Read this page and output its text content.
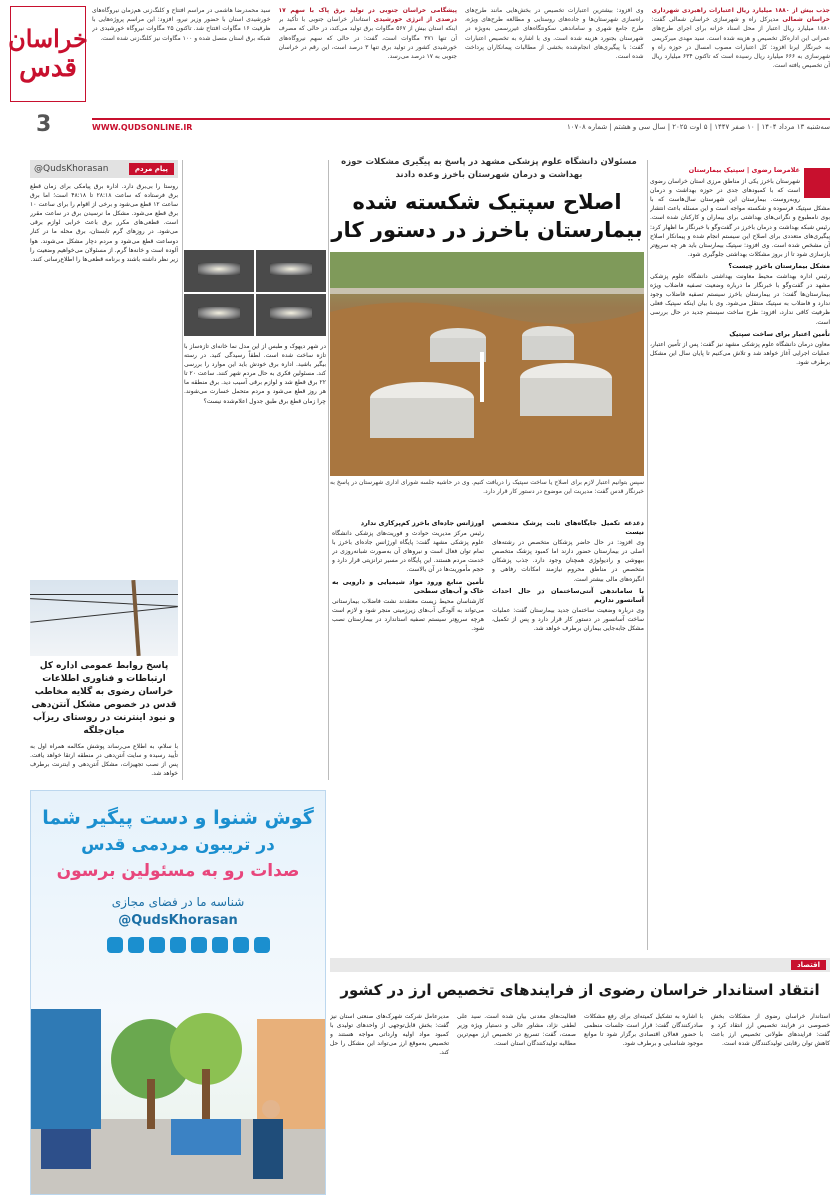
جذب بیش از ۱۸۸۰ میلیارد ریال اعتبارات راهبردی شهرداری خراسان شمالی مدیرکل راه و شهرسازی خراسان شمالی گفت: ۱۸۸۰ میلیارد ریال اعتبار از محل اسناد خزانه برای اجرای طرح‌های عمرانی این اداره‌کل تخصیص و هزینه شده است. سید مهدی میرکریمی به خبرنگار ایرنا افزود: کل اعتبارات مصوب امسال در حوزه راه و شهرسازی به ۶۶۶ میلیارد ریال رسیده است که تاکنون ۶۳۴ میلیارد ریال آن تخصیص یافته است.
وی افزود: بیشترین اعتبارات تخصیص در بخش‌هایی مانند طرح‌های راه‌سازی شهرستان‌ها و جاده‌های روستایی و مطالعه طرح‌های ویژه، طرح جامع شهری و ساماندهی سکونتگاه‌های غیررسمی به‌ویژه در شهرستان بجنورد هزینه شده است. وی با اشاره به تخصیص اعتبارات گفت: با پیگیری‌های انجام‌شده بخشی از مطالبات پیمانکاران پرداخت شده است.
پیشگامی خراسان جنوبی در تولید برق پاک با سهم ۱۷ درصدی از انرژی خورشیدی استاندار خراسان جنوبی با تأکید بر اینکه استان بیش از ۵۶۷ مگاوات برق تولید می‌کند، در حالی که مصرف آن تنها ۳۷۱ مگاوات است، گفت: در حالی که سهم نیروگاه‌های خورشیدی کشور در تولید برق تنها ۳ درصد است، این رقم در خراسان جنوبی به ۱۷ درصد می‌رسد.
سید محمدرضا هاشمی در مراسم افتتاح و کلنگ‌زنی هم‌زمان نیروگاه‌های خورشیدی استان با حضور وزیر نیرو، افزود: این مراسم پروژه‌هایی با ظرفیت ۱۶ مگاوات افتتاح شد. تاکنون ۲۵ مگاوات نیروگاه خورشیدی در شبکه برق استان متصل شده و ۱۰۰ مگاوات نیز کلنگ‌زنی شده است.
خراسان
قدس
3	سه‌شنبه ۱۳ مرداد ۱۴۰۴ | ۱۰ صفر ۱۴۴۷ | ۵ اوت ۲۰۲۵ | سال سی و هشتم | شماره ۱۰۷۰۸
WWW.QUDSONLINE.IR
پیام مردم
@QudsKhorasan
روستا را بی‌برق دارد. اداره برق پیامکی برای زمان قطع برق فرستاده که ساعت ۲۸:۱۸ تا ۴۸:۱۸ است؛ اما برق ساعت ۱۲ قطع می‌شود و برخی از اقوام را برای ساعت ۱۰ برق قطع می‌شود. مشکل ما نرسیدن برق در ساعت مقرر است. قطعی‌های مکرر برق باعث خرابی لوازم برقی می‌شود. در روزهای گرم تابستان، برق محله ما در کنار دوساعت قطع می‌شود و مردم دچار مشکل می‌شوند. هوا آلوده است و خانه‌ها گرم. از مسئولان می‌خواهیم وضعیت را زیر نظر داشته باشند و برنامه قطعی‌ها را اطلاع‌رسانی کنند.
در شهر دیهوک و طبس از این مدل نما خانه‌ای تازه‌ساز با تازه ساخت شده است. لطفاً رسیدگی کنید. در رسته بیگیر باشید. اداره برق خودش باید این موارد را بررسی کند. مسئولین فکری به حال مردم شهر کنند. ساعت ۲۰ تا ۲۲ برق قطع شد و لوازم برقی آسیب دید. برق منطقه ما هر روز قطع می‌شود و مردم متحمل خسارت می‌شوند. چرا زمان قطع برق طبق جدول اعلام‌شده نیست؟
پاسخ روابط عمومی اداره کل ارتباطات و فناوری اطلاعات خراسان رضوی به گلایه مخاطب قدس در خصوص مشکل آنتن‌دهی و نبود اینترنت در روستای ریزآب میان‌جلگه
با سلام، به اطلاع می‌رساند پوشش مکالمه همراه اول به تأیید رسیده و سایت آنتن‌دهی در منطقه ارتقا خواهد یافت. پس از نصب تجهیزات، مشکل آنتن‌دهی و اینترنت برطرف خواهد شد.
گوش شنوا و دست پیگیر شما
در تریبون مردمی قدس
صدات رو به مسئولین برسون
شناسه ما در فضای مجازی
@QudsKhorasan
مسئولان دانشگاه علوم پزشکی مشهد در پاسخ به پیگیری مشکلات حوزه بهداشت و درمان شهرستان باخرز وعده دادند
اصلاح سپتیک شکسته شده بیمارستان باخرز در دستور کار
سپس بتوانیم اعتبار لازم برای اصلاح یا ساخت سپتیک را دریافت کنیم. وی در حاشیه جلسه شورای اداری شهرستان در پاسخ به خبرنگار قدس گفت: مدیریت این موضوع در دستور کار قرار دارد.
غلامرضا رضوی | سپتیک بیمارستان
شهرستان باخرز یکی از مناطق مرزی استان خراسان رضوی است که با کمبودهای جدی در حوزه بهداشت و درمان روبه‌روست. بیمارستان این شهرستان سال‌هاست که با مشکل سپتیک فرسوده و شکسته مواجه است و این مسئله باعث انتشار بوی نامطبوع و نگرانی‌های بهداشتی برای بیماران و کارکنان شده است. رئیس شبکه بهداشت و درمان باخرز در گفت‌وگو با خبرنگار ما اظهار کرد: پیگیری‌های متعددی برای اصلاح این سیستم انجام شده و پیمانکار اصلاح آن مشخص شده است. وی افزود: سپتیک بیمارستان باید هر چه سریع‌تر بازسازی شود تا از بروز مشکلات بهداشتی جلوگیری شود.
مشکل بیمارستان باخرز چیست؟
رئیس اداره بهداشت محیط معاونت بهداشتی دانشگاه علوم پزشکی مشهد در گفت‌وگو با خبرنگار ما درباره وضعیت تصفیه فاضلاب ویژه بیمارستان‌ها گفت: در بیمارستان باخرز سیستم تصفیه فاضلاب وجود ندارد و فاضلاب به سپتیک منتقل می‌شود. وی با بیان اینکه سپتیک فعلی ظرفیت کافی ندارد، افزود: طرح ساخت سیستم جدید در حال بررسی است.
تأمین اعتبار برای ساخت سپتیک
معاون درمان دانشگاه علوم پزشکی مشهد نیز گفت: پس از تأمین اعتبار، عملیات اجرایی آغاز خواهد شد و تلاش می‌کنیم تا پایان سال این مشکل برطرف شود.
دغدغه تکمیل جایگاه‌های ثابت پزشک متخصص نیست
وی افزود: در حال حاضر پزشکان متخصص در رشته‌های اصلی در بیمارستان حضور دارند اما کمبود پزشک متخصص بیهوشی و رادیولوژی همچنان وجود دارد. جذب پزشکان متخصص در مناطق محروم نیازمند امکانات رفاهی و انگیزه‌های مالی بیشتر است.
با ساماندهی آنتی‌ساختمان در حال احداث آسانسور نداریم
وی درباره وضعیت ساختمان جدید بیمارستان گفت: عملیات ساخت آسانسور در دستور کار قرار دارد و پس از تکمیل، مشکل جابه‌جایی بیماران برطرف خواهد شد.
اورژانس جاده‌ای باخرز کم‌پرکاری ندارد
رئیس مرکز مدیریت حوادث و فوریت‌های پزشکی دانشگاه علوم پزشکی مشهد گفت: پایگاه اورژانس جاده‌ای باخرز با تمام توان فعال است و نیروهای آن به‌صورت شبانه‌روزی در خدمت مردم هستند. این پایگاه در مسیر ترانزیتی قرار دارد و حجم مأموریت‌ها در آن بالاست.
تأمین منابع ورود مواد شیمیایی و دارویی به خاک و آب‌های سطحی
کارشناسان محیط زیست معتقدند نشت فاضلاب بیمارستانی می‌تواند به آلودگی آب‌های زیرزمینی منجر شود و لازم است هرچه سریع‌تر سیستم تصفیه استاندارد در بیمارستان نصب شود.
اقتصاد
انتقاد استاندار خراسان رضوی از فرایندهای تخصیص ارز در کشور
استاندار خراسان رضوی از مشکلات بخش خصوصی در فرایند تخصیص ارز انتقاد کرد و گفت: فرایندهای طولانی تخصیص ارز باعث کاهش توان رقابتی تولیدکنندگان شده است.
با اشاره به تشکیل کمیته‌ای برای رفع مشکلات صادرکنندگان گفت: قرار است جلسات منظمی با حضور فعالان اقتصادی برگزار شود تا موانع موجود شناسایی و برطرف شود.
فعالیت‌های معدنی بیان شده است. سید علی لطفی نژاد، مشاور عالی و دستیار ویژه وزیر صمت، گفت: تسریع در تخصیص ارز مهم‌ترین مطالبه تولیدکنندگان استان است.
مدیرعامل شرکت شهرک‌های صنعتی استان نیز گفت: بخش قابل‌توجهی از واحدهای تولیدی با کمبود مواد اولیه وارداتی مواجه هستند و تخصیص به‌موقع ارز می‌تواند این مشکل را حل کند.
